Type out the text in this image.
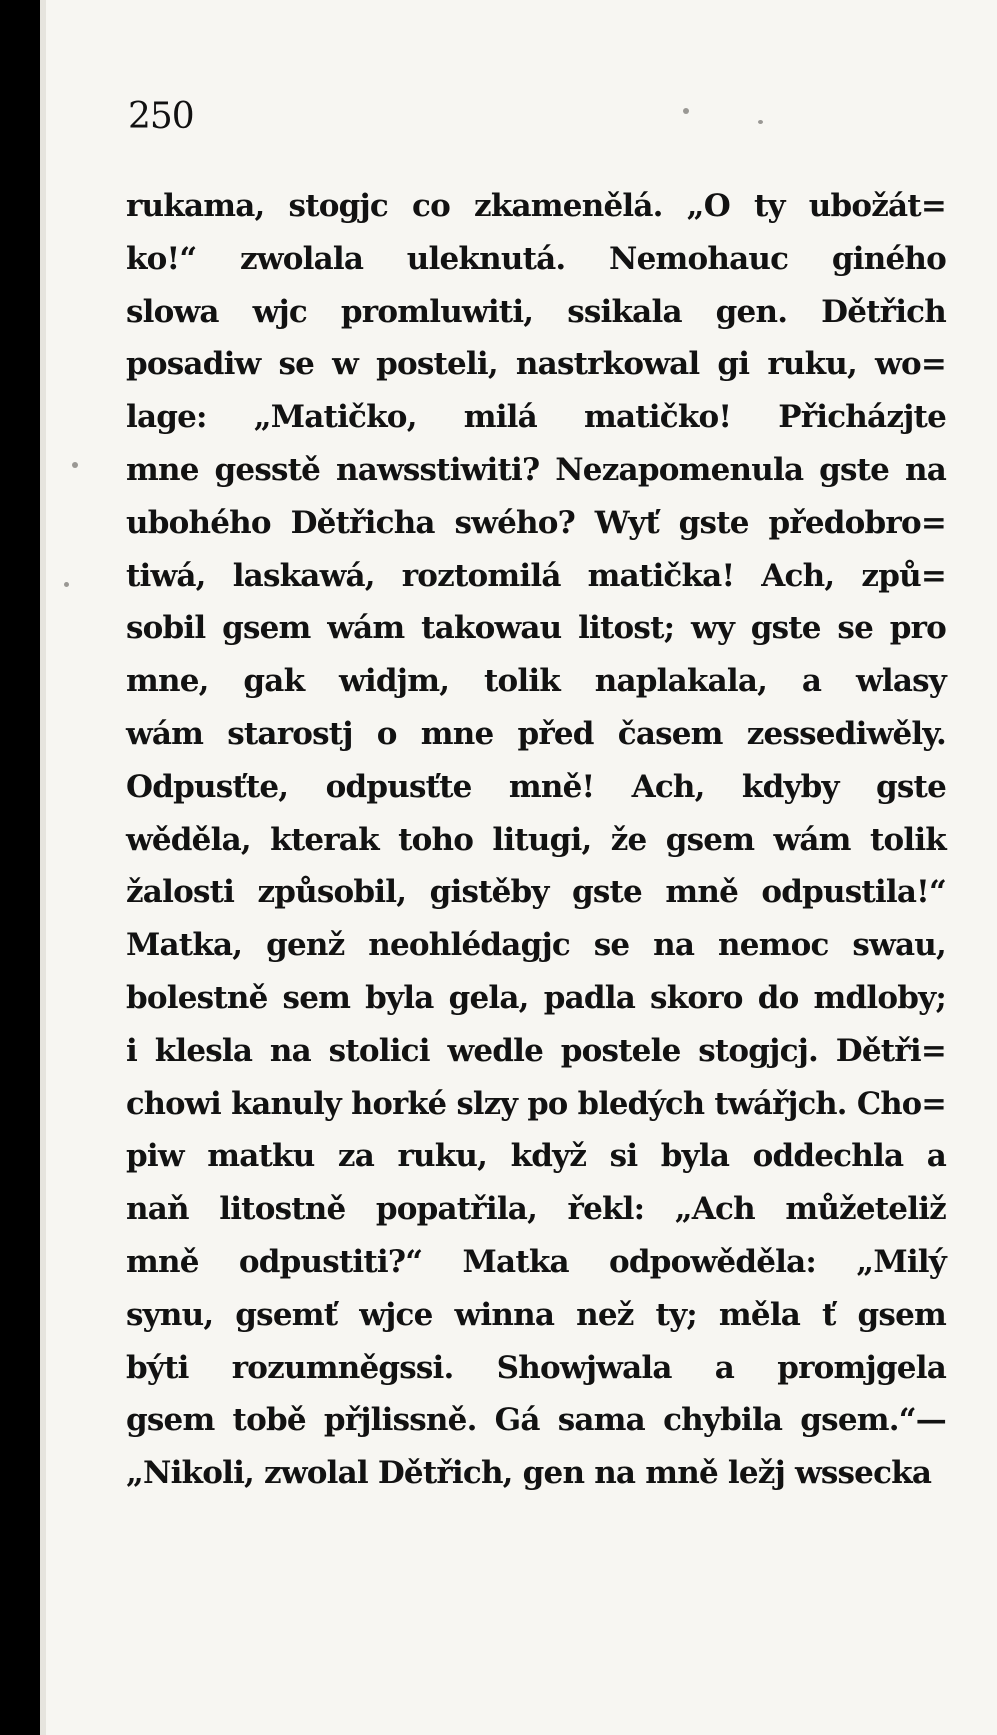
250
rukama, stogjc co zkamenělá. „O ty ubožát=
ko!“ zwolala uleknutá. Nemohauc giného
slowa wjc promluwiti, ssikala gen. Dětřich
posadiw se w posteli, nastrkowal gi ruku, wo=
lage: „Matičko, milá matičko! Přicházjte
mne gesstě nawsstiwiti? Nezapomenula gste na
ubohého Dětřicha swého? Wyť gste předobro=
tiwá, laskawá, roztomilá matička! Ach, způ=
sobil gsem wám takowau litost; wy gste se pro
mne, gak widjm, tolik naplakala, a wlasy
wám starostj o mne před časem zessediwěly.
Odpusťte, odpusťte mně! Ach, kdyby gste
wěděla, kterak toho litugi, že gsem wám tolik
žalosti způsobil, gistěby gste mně odpustila!“
Matka, genž neohlédagjc se na nemoc swau,
bolestně sem byla gela, padla skoro do mdloby;
i klesla na stolici wedle postele stogjcj. Dětři=
chowi kanuly horké slzy po bledých twářjch. Cho=
piw matku za ruku, když si byla oddechla a
naň litostně popatřila, řekl: „Ach můžeteliž
mně odpustiti?“ Matka odpowěděla: „Milý
synu, gsemť wjce winna než ty; měla ť gsem
býti rozumněgssi. Showjwala a promjgela
gsem tobě přjlissně. Gá sama chybila gsem.“—
„Nikoli, zwolal Dětřich, gen na mně ležj wssecka
